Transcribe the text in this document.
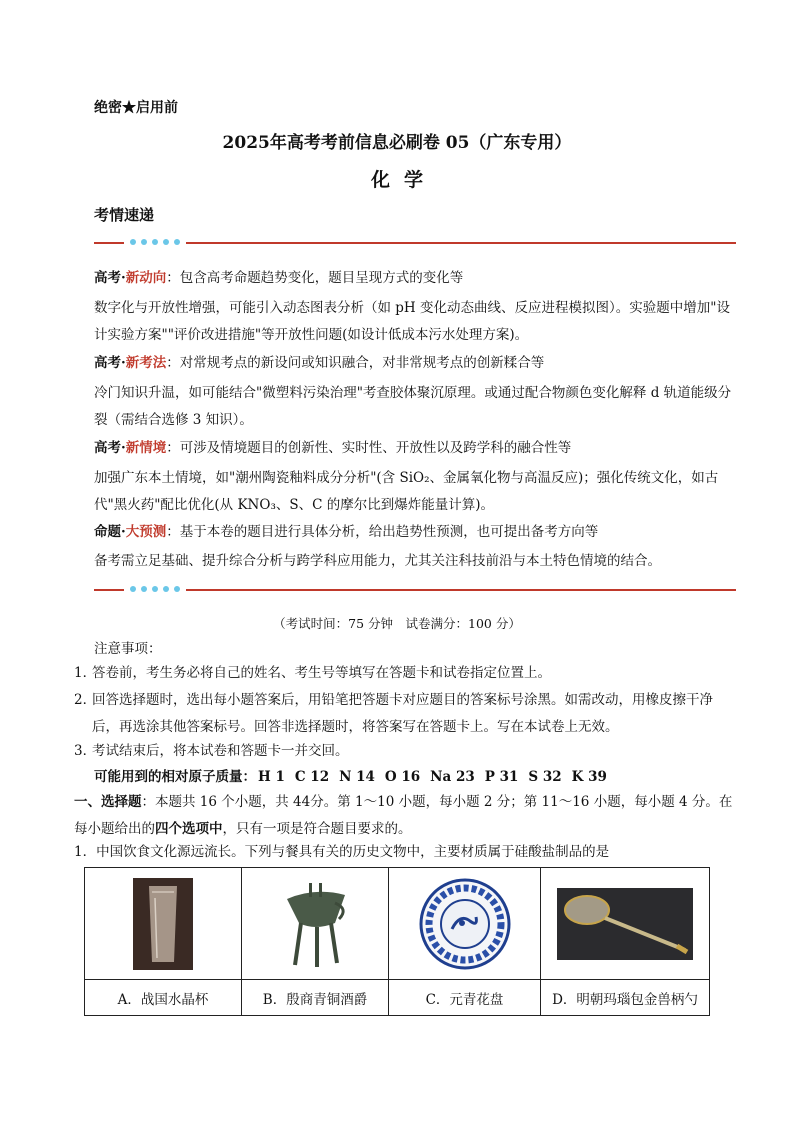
绝密★启用前
2025年高考考前信息必刷卷 05（广东专用）
化学
考情速递
高考·新动向：包含高考命题趋势变化，题目呈现方式的变化等
数字化与开放性增强，可能引入动态图表分析（如 pH 变化动态曲线、反应进程模拟图）。实验题中增加"设计实验方案""评价改进措施"等开放性问题(如设计低成本污水处理方案)。
高考·新考法：对常规考点的新设问或知识融合，对非常规考点的创新糅合等
冷门知识升温，如可能结合"微塑料污染治理"考查胶体聚沉原理。或通过配合物颜色变化解释 d 轨道能级分裂（需结合选修 3 知识）。
高考·新情境：可涉及情境题目的创新性、实时性、开放性以及跨学科的融合性等
加强广东本土情境，如"潮州陶瓷釉料成分分析"(含 SiO₂、金属氧化物与高温反应)；强化传统文化，如古代"黑火药"配比优化(从 KNO₃、S、C 的摩尔比到爆炸能量计算)。
命题·大预测：基于本卷的题目进行具体分析，给出趋势性预测，也可提出备考方向等
备考需立足基础、提升综合分析与跨学科应用能力，尤其关注科技前沿与本土特色情境的结合。
（考试时间：75 分钟　试卷满分：100 分）
注意事项：
1．答卷前，考生务必将自己的姓名、考生号等填写在答题卡和试卷指定位置上。
2．回答选择题时，选出每小题答案后，用铅笔把答题卡对应题目的答案标号涂黑。如需改动，用橡皮擦干净后，再选涂其他答案标号。回答非选择题时，将答案写在答题卡上。写在本试卷上无效。
3．考试结束后，将本试卷和答题卡一并交回。
可能用到的相对原子质量： H 1 C 12 N 14 O 16 Na 23 P 31 S 32 K 39
一、选择题：本题共 16 个小题，共 44分。第 1～10 小题，每小题 2 分；第 11～16 小题，每小题 4 分。在每小题给出的四个选项中，只有一项是符合题目要求的。
1．中国饮食文化源远流长。下列与餐具有关的历史文物中，主要材质属于硅酸盐制品的是
A．战国水晶杯	B．殷商青铜酒爵	C．元青花盘	D．明朝玛瑙包金兽柄勺
